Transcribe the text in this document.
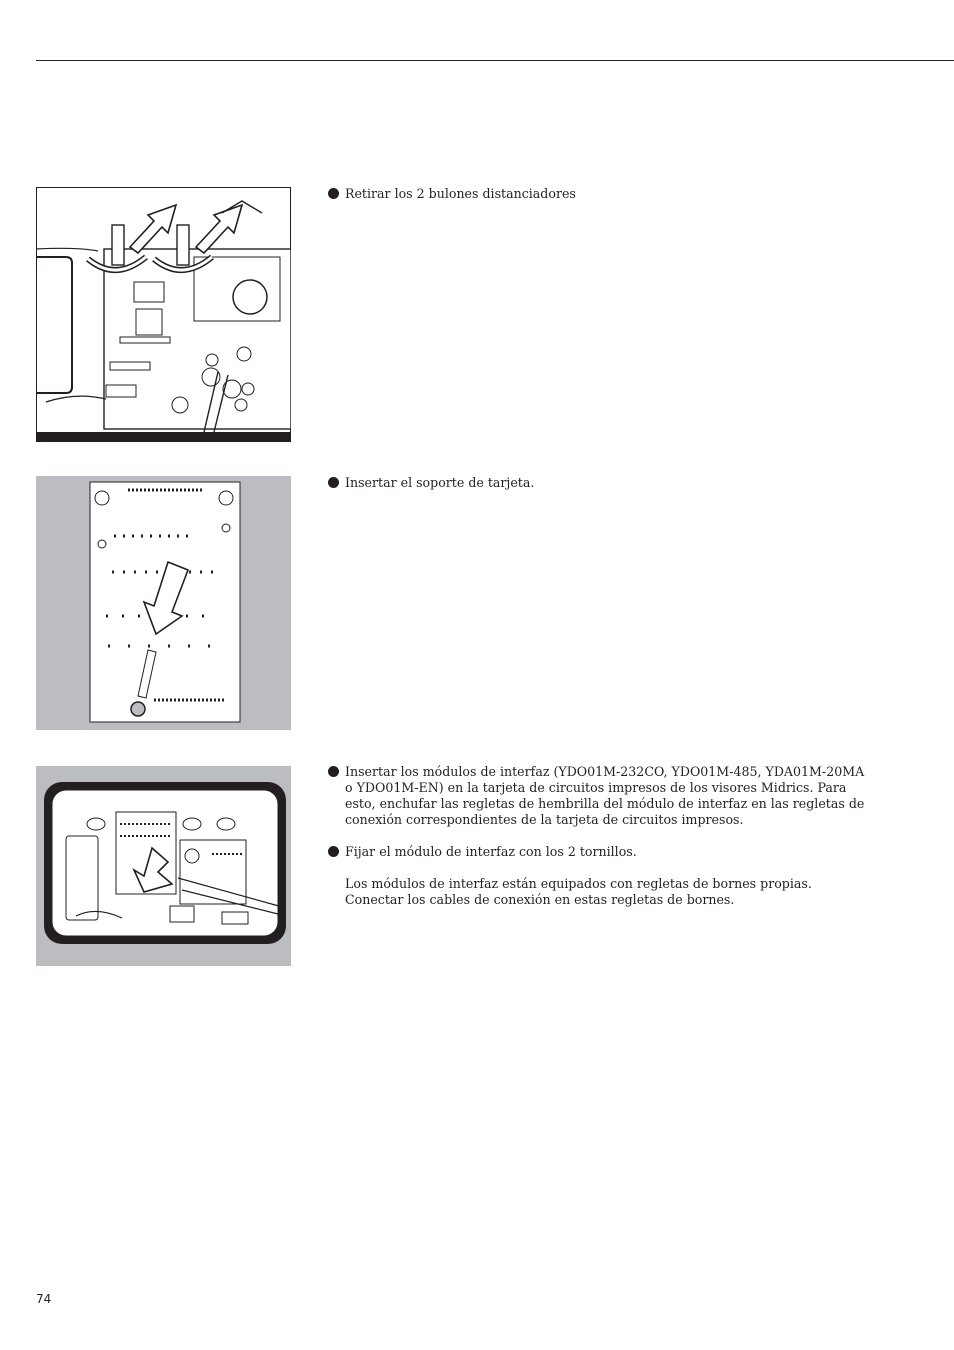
Retirar los 2 bulones distanciadores

Insertar el soporte de tarjeta.

Insertar los módulos de interfaz (YDO01M-232CO, YDO01M-485, YDA01M-20MA o YDO01M-EN) en la tarjeta de circuitos impresos de los visores Midrics. Para esto, enchufar las regletas de hembrilla del módulo de interfaz en las regletas de conexión correspondientes de la tarjeta de circuitos impresos.

Fijar el módulo de interfaz con los 2 tornillos.

Los módulos de interfaz están equipados con regletas de bornes propias. Conectar los cables de conexión en estas regletas de bornes.

74
